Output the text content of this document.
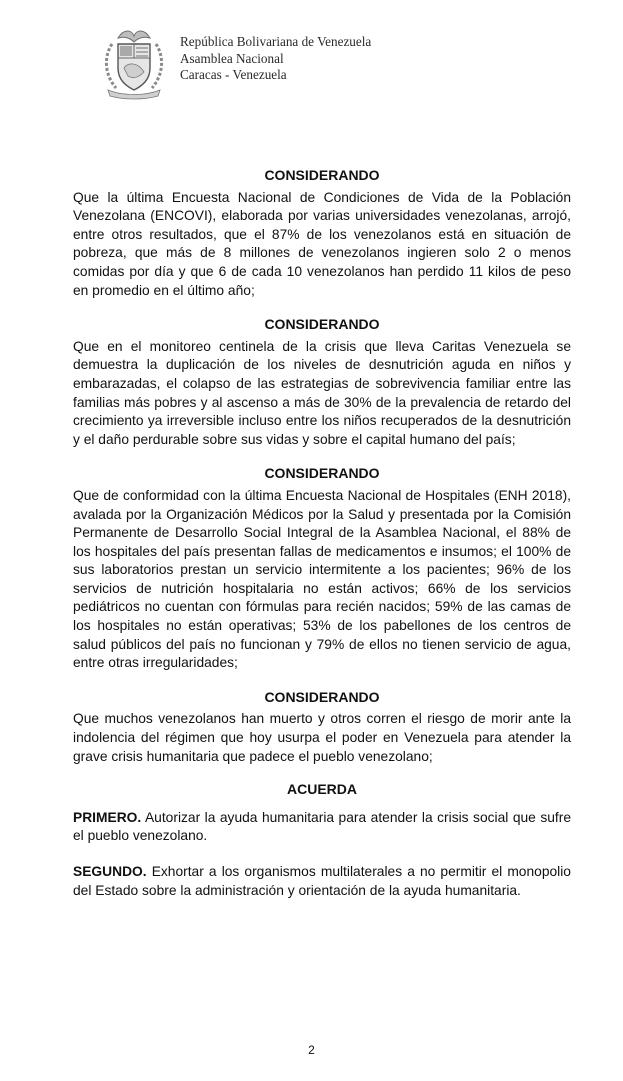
República Bolivariana de Venezuela
Asamblea Nacional
Caracas - Venezuela
CONSIDERANDO

Que la última Encuesta Nacional de Condiciones de Vida de la Población Venezolana (ENCOVI), elaborada por varias universidades venezolanas, arrojó, entre otros resultados, que el 87% de los venezolanos está en situación de pobreza, que más de 8 millones de venezolanos ingieren solo 2 o menos comidas por día y que 6 de cada 10 venezolanos han perdido 11 kilos de peso en promedio en el último año;

CONSIDERANDO

Que en el monitoreo centinela de la crisis que lleva Caritas Venezuela se demuestra la duplicación de los niveles de desnutrición aguda en niños y embarazadas, el colapso de las estrategias de sobrevivencia familiar entre las familias más pobres y al ascenso a más de 30% de la prevalencia de retardo del crecimiento ya irreversible incluso entre los niños recuperados de la desnutrición y el daño perdurable sobre sus vidas y sobre el capital humano del país;

CONSIDERANDO

Que de conformidad con la última Encuesta Nacional de Hospitales (ENH 2018), avalada por la Organización Médicos por la Salud y presentada por la Comisión Permanente de Desarrollo Social Integral de la Asamblea Nacional, el 88% de los hospitales del país presentan fallas de medicamentos e insumos; el 100% de sus laboratorios prestan un servicio intermitente a los pacientes; 96% de los servicios de nutrición hospitalaria no están activos; 66% de los servicios pediátricos no cuentan con fórmulas para recién nacidos; 59% de las camas de los hospitales no están operativas; 53% de los pabellones de los centros de salud públicos del país no funcionan y 79% de ellos no tienen servicio de agua, entre otras irregularidades;

CONSIDERANDO

Que muchos venezolanos han muerto y otros corren el riesgo de morir ante la indolencia del régimen que hoy usurpa el poder en Venezuela para atender la grave crisis humanitaria que padece el pueblo venezolano;

ACUERDA

PRIMERO. Autorizar la ayuda humanitaria para atender la crisis social que sufre el pueblo venezolano.

SEGUNDO. Exhortar a los organismos multilaterales a no permitir el monopolio del Estado sobre la administración y orientación de la ayuda humanitaria.

2
